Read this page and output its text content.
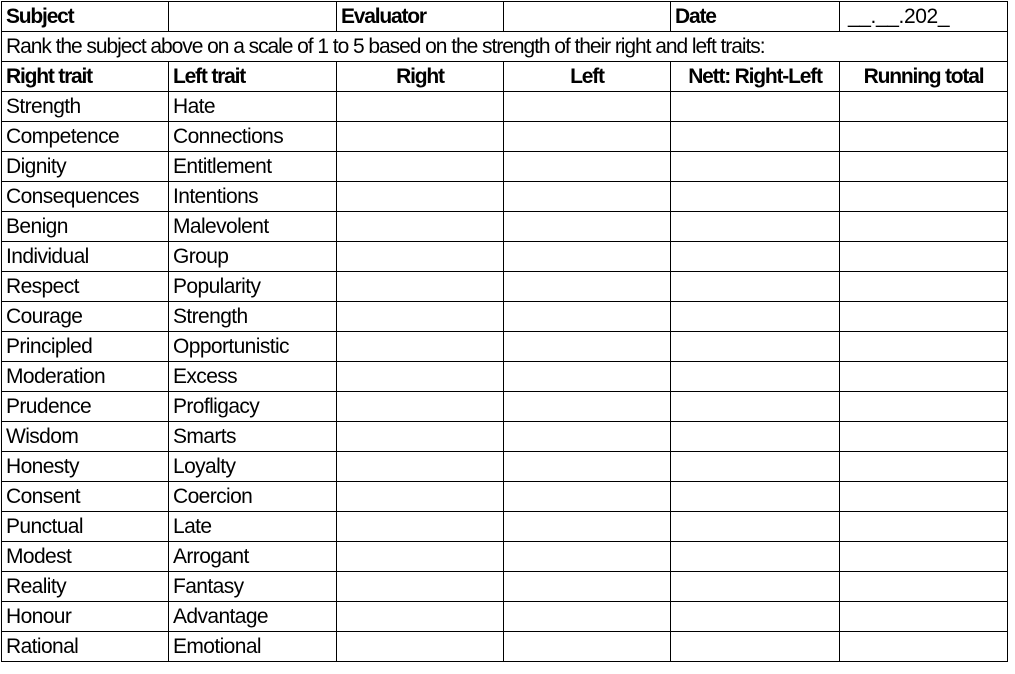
Subject		Evaluator		Date	__.__.202_
Rank the subject above on a scale of 1 to 5 based on the strength of their right and left traits:					
Right trait	Left trait	Right	Left	Nett: Right-Left	Running total
Strength	Hate				
Competence	Connections				
Dignity	Entitlement				
Consequences	Intentions				
Benign	Malevolent				
Individual	Group				
Respect	Popularity				
Courage	Strength				
Principled	Opportunistic				
Moderation	Excess				
Prudence	Profligacy				
Wisdom	Smarts				
Honesty	Loyalty				
Consent	Coercion				
Punctual	Late				
Modest	Arrogant				
Reality	Fantasy				
Honour	Advantage				
Rational	Emotional				
